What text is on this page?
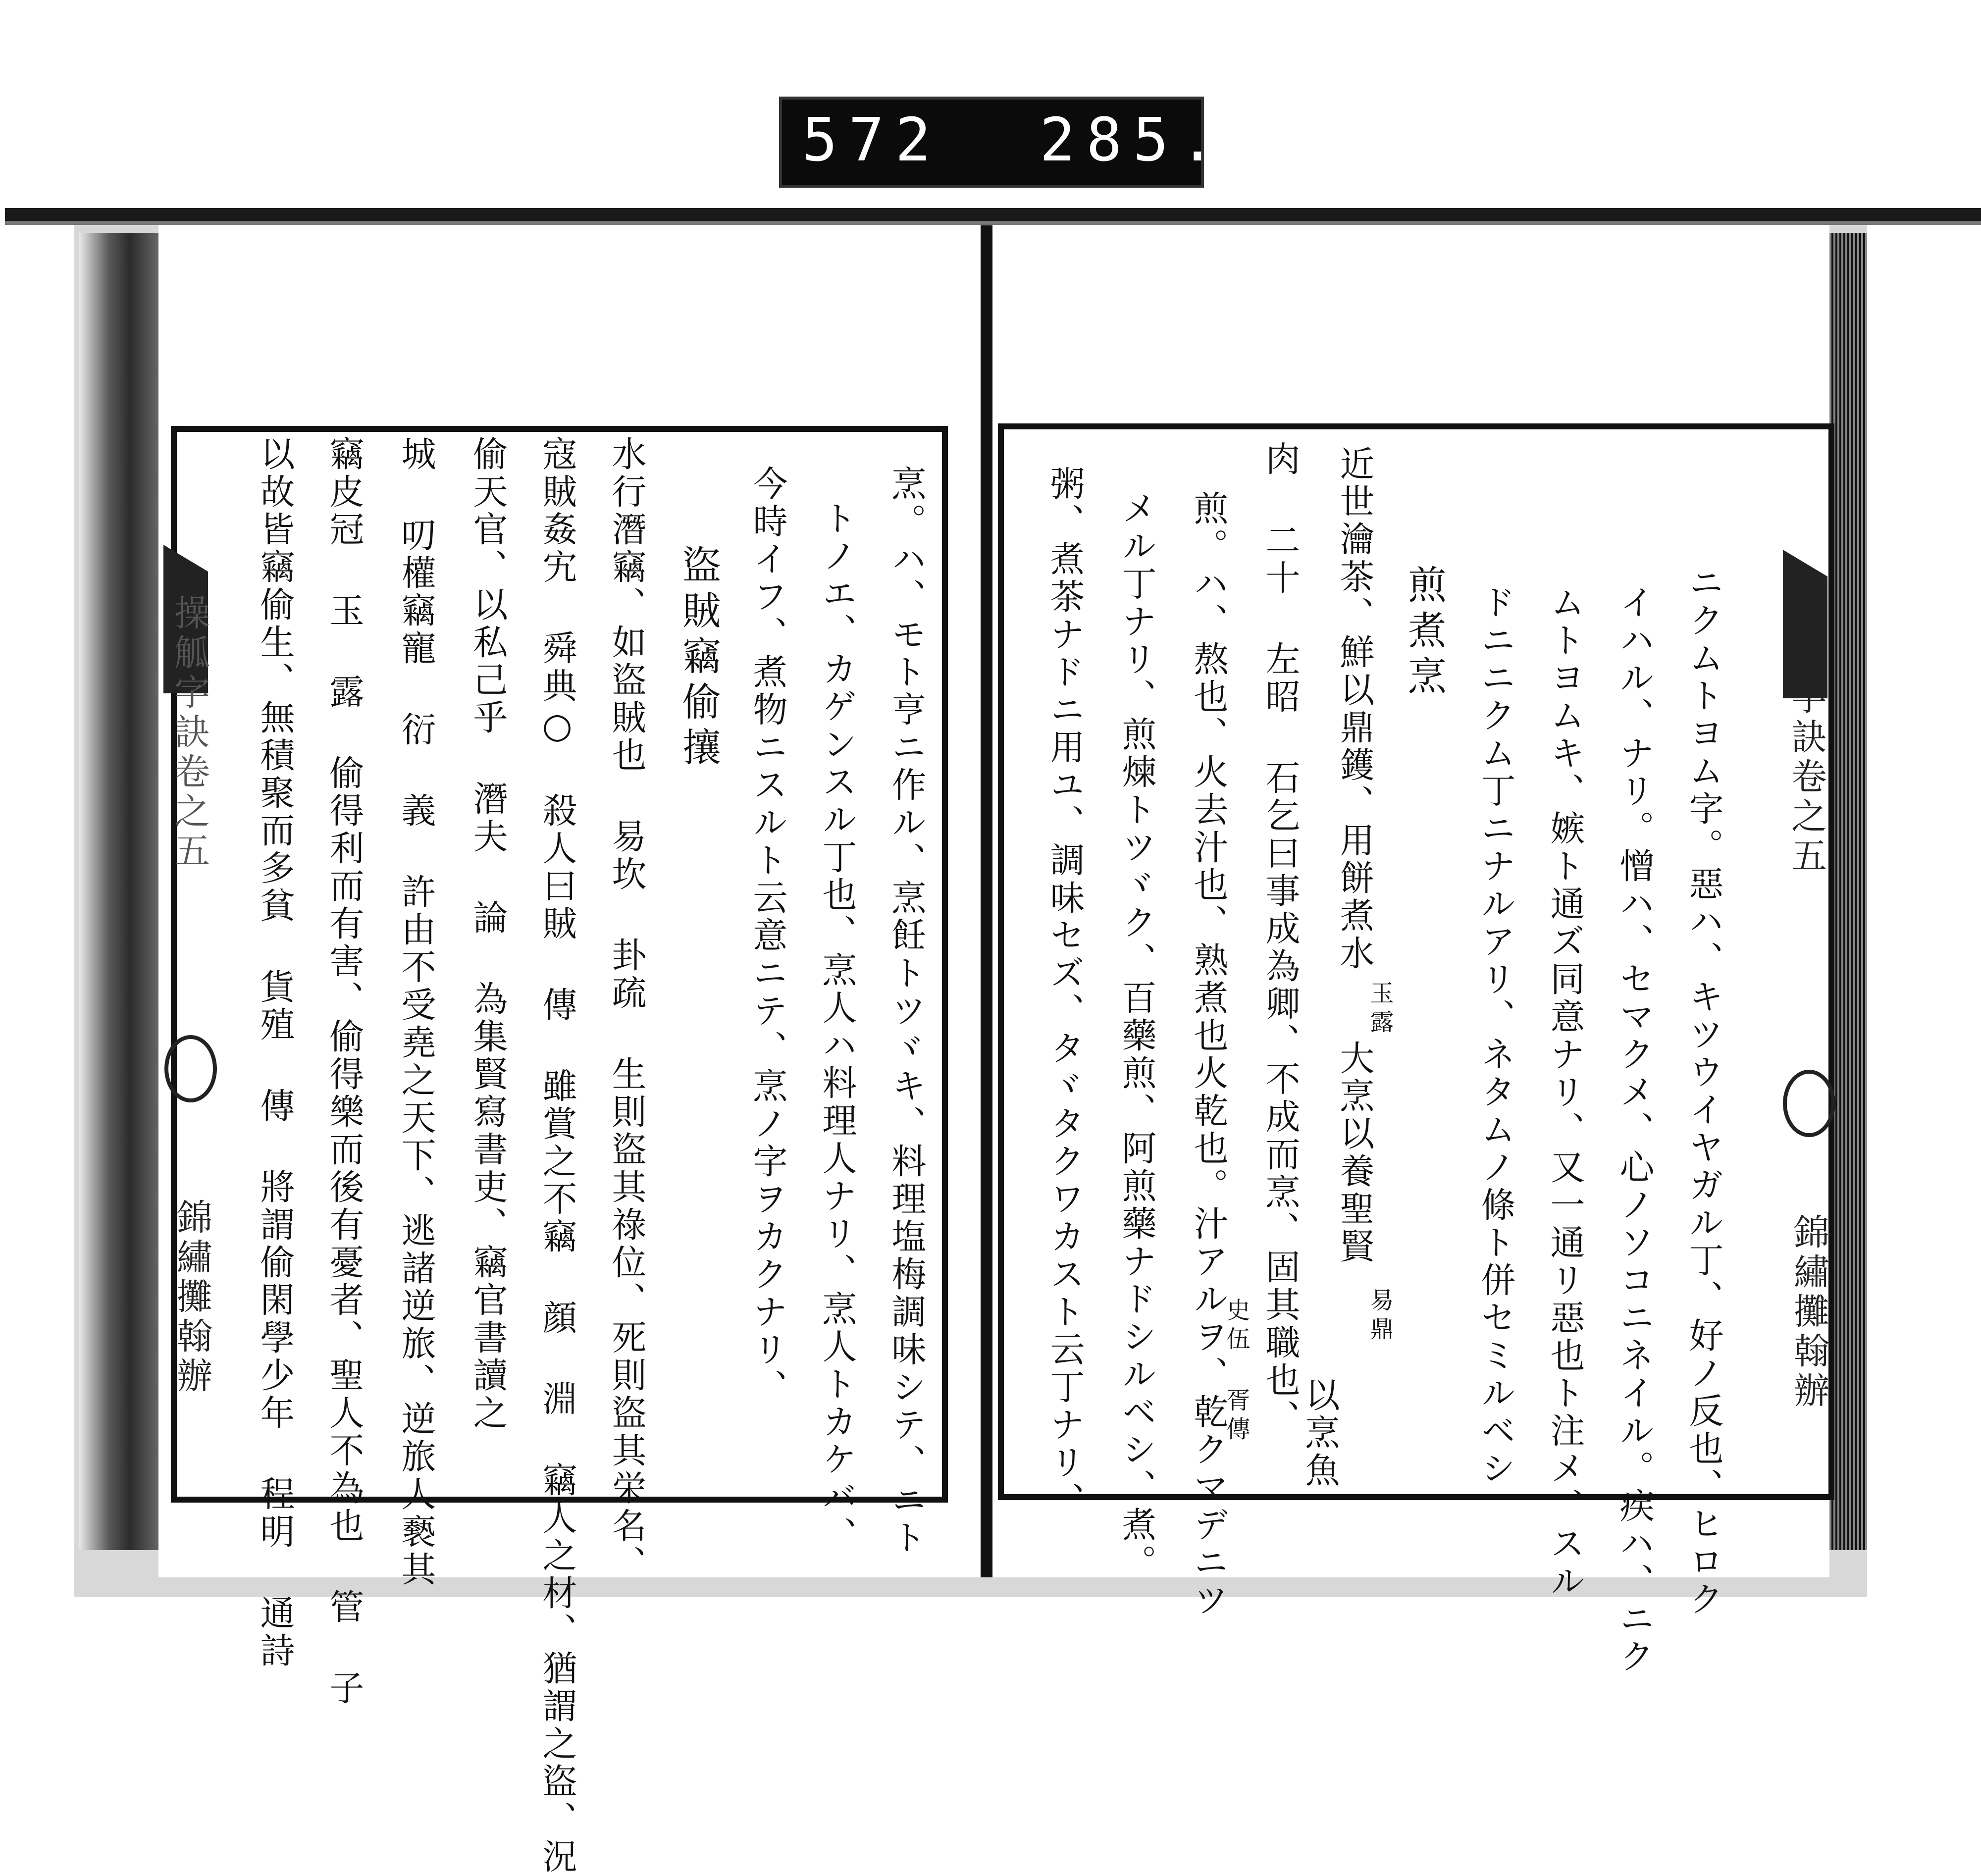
572 285.
操觚字訣卷之五
錦繡攤翰辦	烹。ハ、モト亨ニ作ル、烹飪トツヾキ、料理塩梅調味シテ、ニト
トノエ、カゲンスル丁也、烹人ハ料理人ナリ、烹人トカケバ、
今時イフ、煮物ニスルト云意ニテ、烹ノ字ヲカクナリ、
盜賊竊偷攘
水行潛竊、如盜賊也 易坎 卦疏 生則盜其祿位、死則盜其栄名、
寇賊姦宄 舜典○ 殺人曰賊 傳 雖賞之不竊 顔 淵 竊人之材、猶謂之盜、況
偷天官、以私己乎 潛夫 論 為集賢寫書吏、竊官書讀之
城 叨權竊寵 衍 義 許由不受堯之天下、逃諸逆旅、逆旅人褻其
竊皮冠 玉 露 偷得利而有害、偷得樂而後有憂者、聖人不為也 管 子
以故皆竊偷生、無積聚而多貧 貨殖 傳 將謂偷閑學少年 程明 通詩	操觚字訣卷之五
錦繡攤翰辦
ニクムトヨム字。惡ハ、キツウイヤガル丁、好ノ反也、ヒロク
イハル、ナリ。憎ハ、セマクメ、心ノソコニネイル。疾ハ、ニク
ムトヨムキ、嫉ト通ズ同意ナリ、又一通リ惡也ト注メ、スル
ドニニクム丁ニナルアリ、ネタムノ條ト併セミルベシ
煎煮烹
近世瀹茶、鮮以鼎鑊、用餅煮水
肉 二十 左昭 石乞曰事成為卿、不成而烹、固其職也、
煎。ハ、熬也、火去汁也、熟煮也火乾也。汁アルヲ、乾クマデニツ
メル丁ナリ、煎煉トツヾク、百藥煎、阿煎藥ナドシルベシ、煮。
粥、煮茶ナドニ用ユ、調味セズ、タヾタクワカスト云丁ナリ、	玉露
大烹以養聖賢
易鼎
以烹魚
史伍 胥傳
